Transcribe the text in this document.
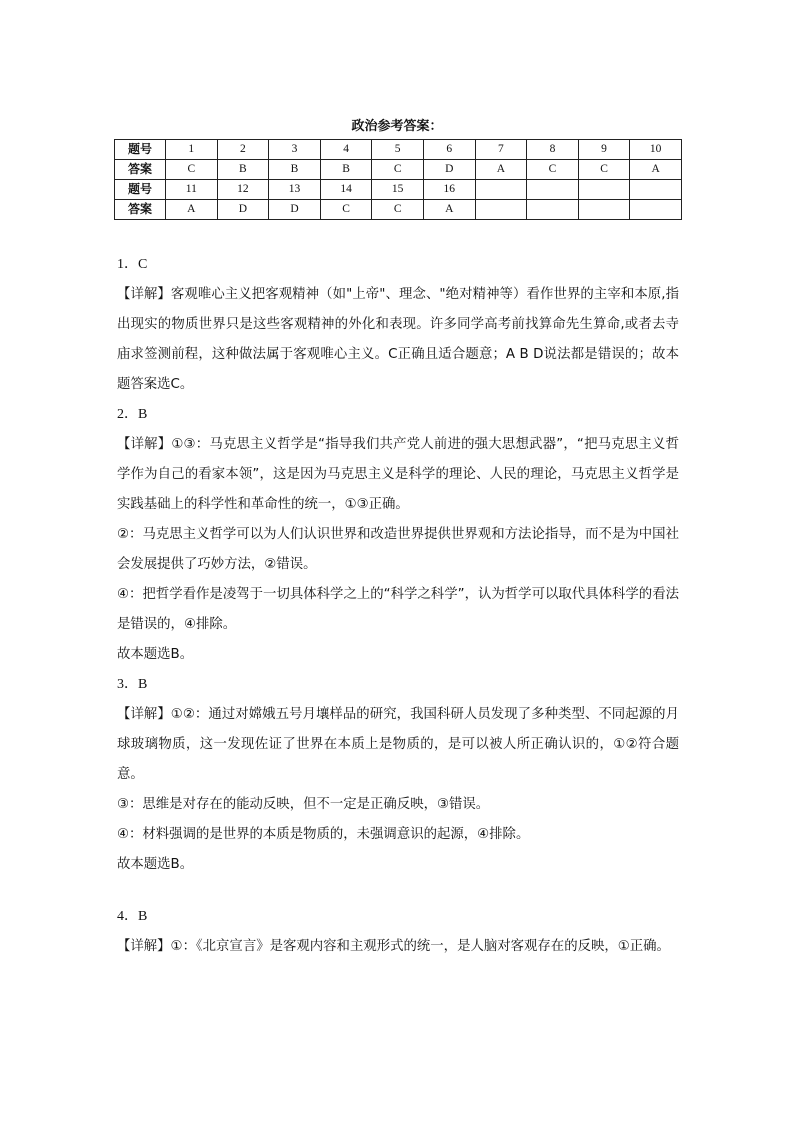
政治参考答案：
题号	1	2	3	4	5	6	7	8	9	10
答案	C	B	B	B	C	D	A	C	C	A
题号	11	12	13	14	15	16				
答案	A	D	D	C	C	A				
1．C

【详解】客观唯心主义把客观精神（如"上帝"、理念、"绝对精神等）看作世界的主宰和本原,指出现实的物质世界只是这些客观精神的外化和表现。许多同学高考前找算命先生算命,或者去寺庙求签测前程，这种做法属于客观唯心主义。C正确且适合题意；A B D说法都是错误的；故本题答案选C。

2．B

【详解】①③：马克思主义哲学是“指导我们共产党人前进的强大思想武器”，“把马克思主义哲学作为自己的看家本领”，这是因为马克思主义是科学的理论、人民的理论，马克思主义哲学是实践基础上的科学性和革命性的统一，①③正确。

②：马克思主义哲学可以为人们认识世界和改造世界提供世界观和方法论指导，而不是为中国社会发展提供了巧妙方法，②错误。

④：把哲学看作是凌驾于一切具体科学之上的“科学之科学”，认为哲学可以取代具体科学的看法是错误的，④排除。

故本题选B。

3．B

【详解】①②：通过对嫦娥五号月壤样品的研究，我国科研人员发现了多种类型、不同起源的月球玻璃物质，这一发现佐证了世界在本质上是物质的，是可以被人所正确认识的，①②符合题意。

③：思维是对存在的能动反映，但不一定是正确反映，③错误。

④：材料强调的是世界的本质是物质的，未强调意识的起源，④排除。

故本题选B。

4．B

【详解】①：《北京宣言》是客观内容和主观形式的统一，是人脑对客观存在的反映，①正确。
